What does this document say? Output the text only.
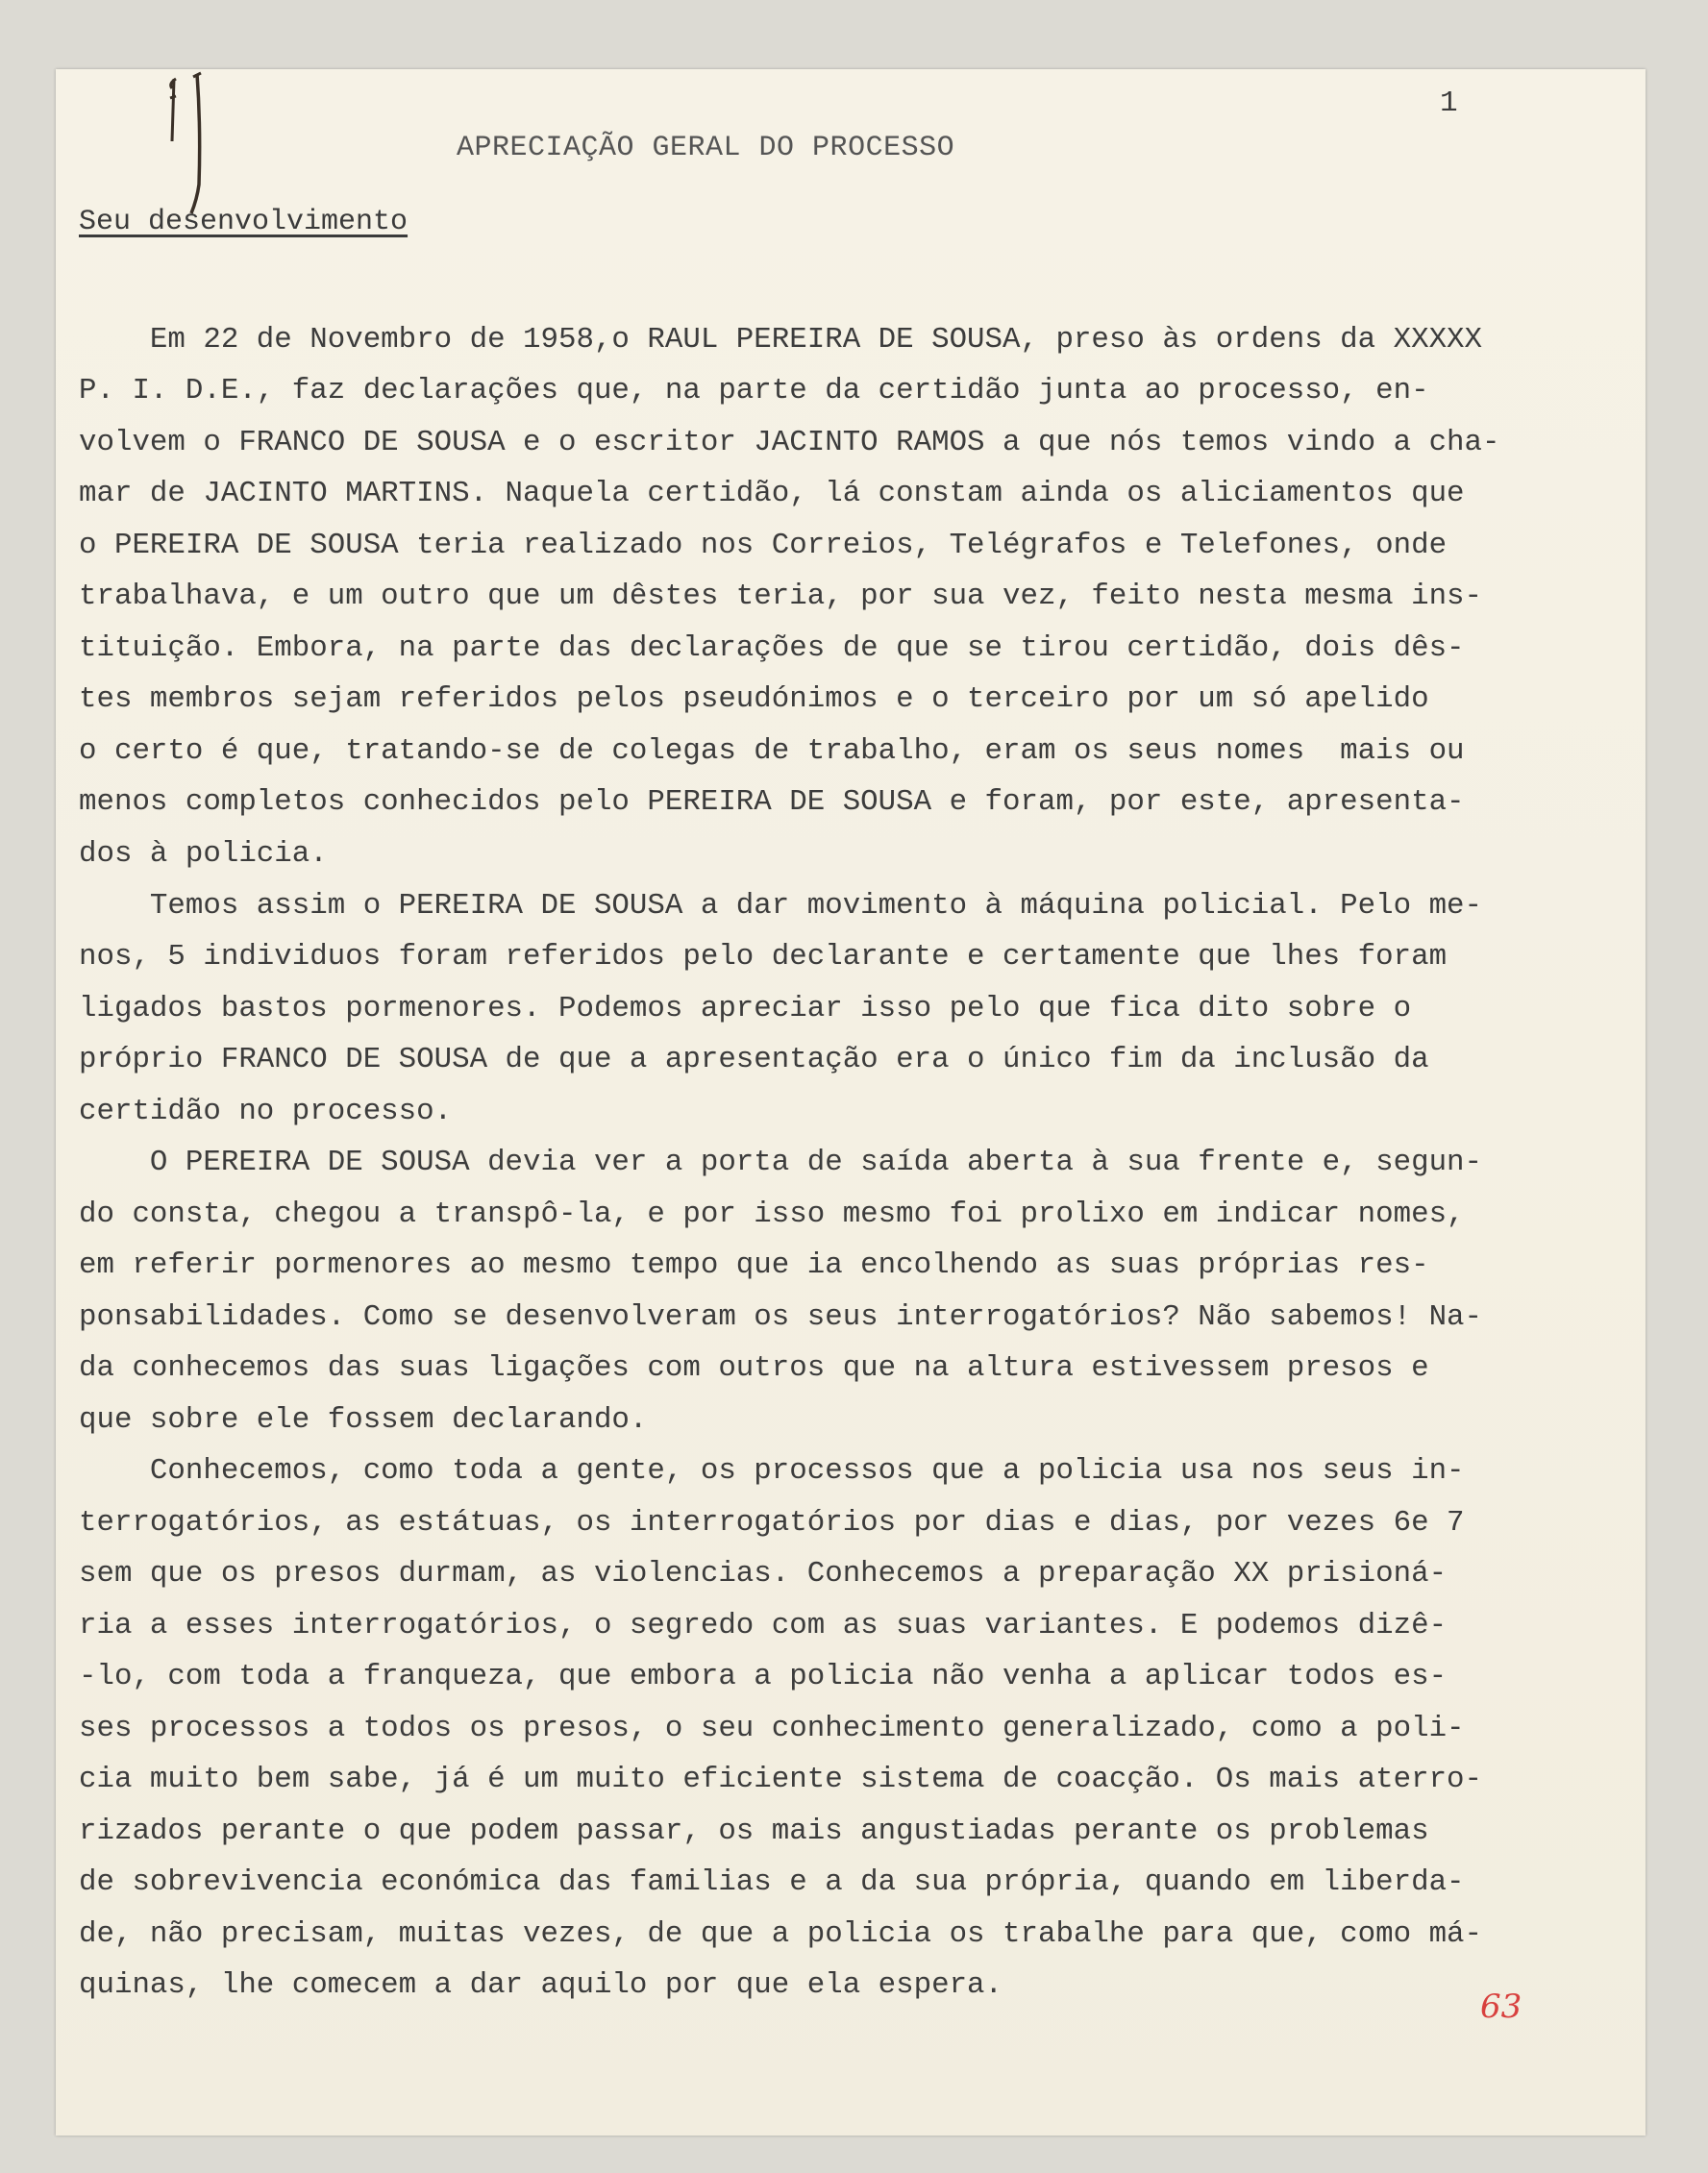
1
APRECIAÇÃO GERAL DO PROCESSO
Seu desenvolvimento
Em 22 de Novembro de 1958,o RAUL PEREIRA DE SOUSA, preso às ordens da XXXXX
P. I. D.E., faz declarações que, na parte da certidão junta ao processo, en-
volvem o FRANCO DE SOUSA e o escritor JACINTO RAMOS a que nós temos vindo a cha-
mar de JACINTO MARTINS. Naquela certidão, lá constam ainda os aliciamentos que
o PEREIRA DE SOUSA teria realizado nos Correios, Telégrafos e Telefones, onde
trabalhava, e um outro que um dêstes teria, por sua vez, feito nesta mesma ins-
tituição. Embora, na parte das declarações de que se tirou certidão, dois dês-
tes membros sejam referidos pelos pseudónimos e o terceiro por um só apelido
o certo é que, tratando-se de colegas de trabalho, eram os seus nomes  mais ou
menos completos conhecidos pelo PEREIRA DE SOUSA e foram, por este, apresenta-
dos à policia.
Temos assim o PEREIRA DE SOUSA a dar movimento à máquina policial. Pelo me-
nos, 5 individuos foram referidos pelo declarante e certamente que lhes foram
ligados bastos pormenores. Podemos apreciar isso pelo que fica dito sobre o
próprio FRANCO DE SOUSA de que a apresentação era o único fim da inclusão da
certidão no processo.
O PEREIRA DE SOUSA devia ver a porta de saída aberta à sua frente e, segun-
do consta, chegou a transpô-la, e por isso mesmo foi prolixo em indicar nomes,
em referir pormenores ao mesmo tempo que ia encolhendo as suas próprias res-
ponsabilidades. Como se desenvolveram os seus interrogatórios? Não sabemos! Na-
da conhecemos das suas ligações com outros que na altura estivessem presos e
que sobre ele fossem declarando.
Conhecemos, como toda a gente, os processos que a policia usa nos seus in-
terrogatórios, as estátuas, os interrogatórios por dias e dias, por vezes 6e 7
sem que os presos durmam, as violencias. Conhecemos a preparação XX prisioná-
ria a esses interrogatórios, o segredo com as suas variantes. E podemos dizê-
-lo, com toda a franqueza, que embora a policia não venha a aplicar todos es-
ses processos a todos os presos, o seu conhecimento generalizado, como a poli-
cia muito bem sabe, já é um muito eficiente sistema de coacção. Os mais aterro-
rizados perante o que podem passar, os mais angustiadas perante os problemas
de sobrevivencia económica das familias e a da sua própria, quando em liberda-
de, não precisam, muitas vezes, de que a policia os trabalhe para que, como má-
quinas, lhe comecem a dar aquilo por que ela espera.
63
